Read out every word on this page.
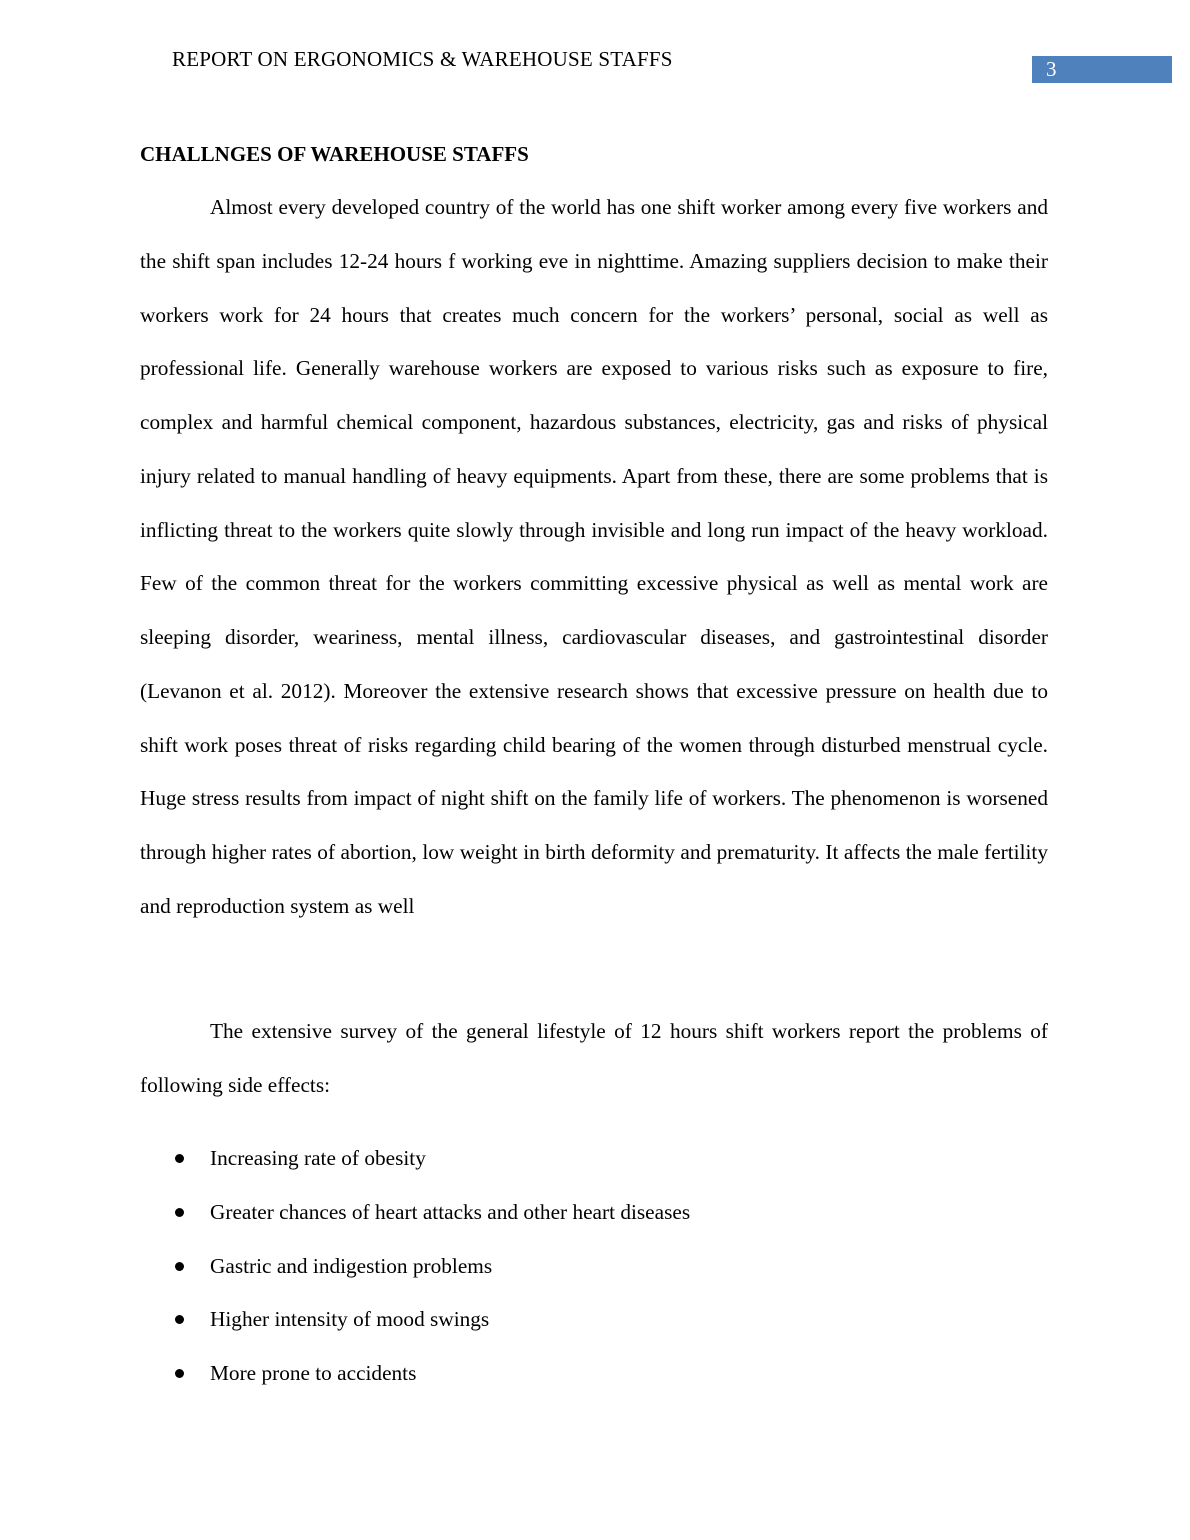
REPORT ON ERGONOMICS & WAREHOUSE STAFFS	3
CHALLNGES OF WAREHOUSE STAFFS

Almost every developed country of the world has one shift worker among every five workers and the shift span includes 12-24 hours f working eve in nighttime. Amazing suppliers decision to make their workers work for 24 hours that creates much concern for the workers’ personal, social as well as professional life. Generally warehouse workers are exposed to various risks such as exposure to fire, complex and harmful chemical component, hazardous substances, electricity, gas and risks of physical injury related to manual handling of heavy equipments. Apart from these, there are some problems that is inflicting threat to the workers quite slowly through invisible and long run impact of the heavy workload. Few of the common threat for the workers committing excessive physical as well as mental work are sleeping disorder, weariness, mental illness, cardiovascular diseases, and gastrointestinal disorder (Levanon et al. 2012). Moreover the extensive research shows that excessive pressure on health due to shift work poses threat of risks regarding child bearing of the women through disturbed menstrual cycle. Huge stress results from impact of night shift on the family life of workers. The phenomenon is worsened through higher rates of abortion, low weight in birth deformity and prematurity. It affects the male fertility and reproduction system as well

The extensive survey of the general lifestyle of 12 hours shift workers report the problems of following side effects:

Increasing rate of obesity
Greater chances of heart attacks and other heart diseases
Gastric and indigestion problems
Higher intensity of mood swings
More prone to accidents
